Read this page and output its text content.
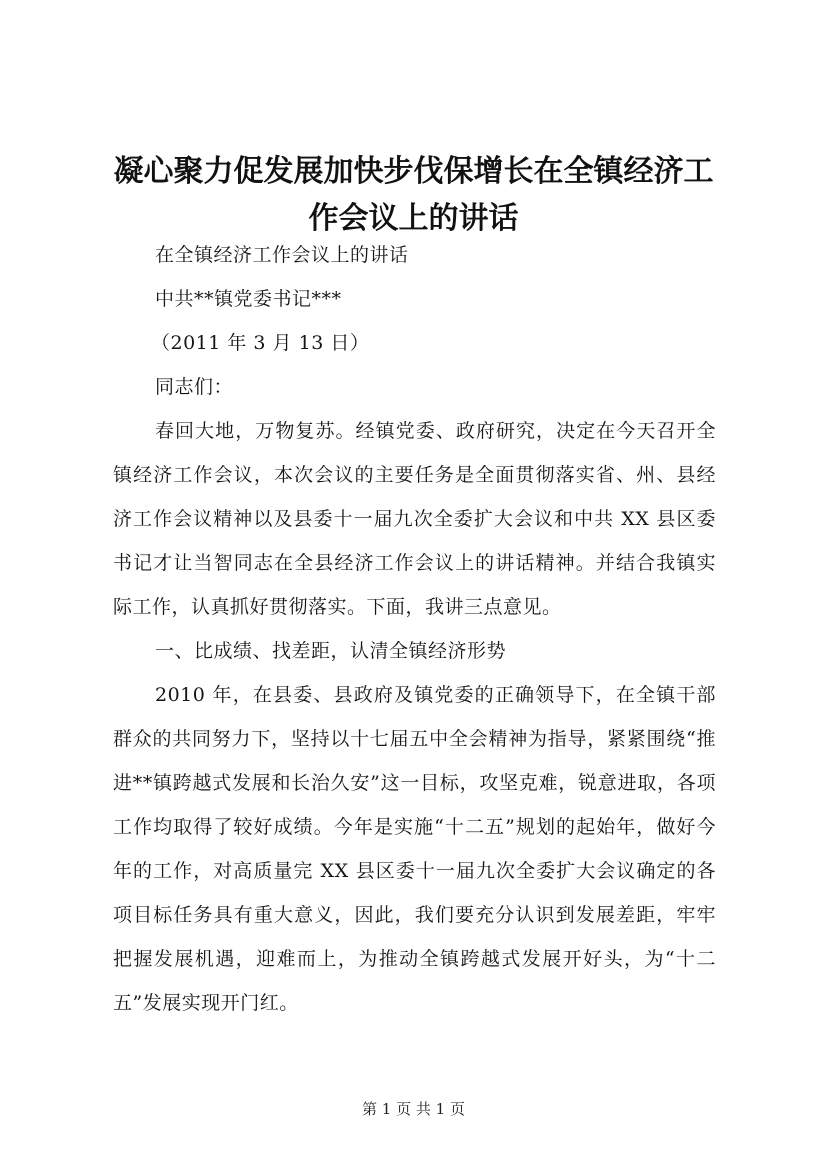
凝心聚力促发展加快步伐保增长在全镇经济工
作会议上的讲话

在全镇经济工作会议上的讲话

中共**镇党委书记***

（2011 年 3 月 13 日）

同志们：

春回大地，万物复苏。经镇党委、政府研究，决定在今天召开全镇经济工作会议，本次会议的主要任务是全面贯彻落实省、州、县经济工作会议精神以及县委十一届九次全委扩大会议和中共 XX 县区委书记才让当智同志在全县经济工作会议上的讲话精神。并结合我镇实际工作，认真抓好贯彻落实。下面，我讲三点意见。

一、比成绩、找差距，认清全镇经济形势

2010 年，在县委、县政府及镇党委的正确领导下，在全镇干部群众的共同努力下，坚持以十七届五中全会精神为指导，紧紧围绕“推进**镇跨越式发展和长治久安”这一目标，攻坚克难，锐意进取，各项工作均取得了较好成绩。今年是实施“十二五”规划的起始年，做好今年的工作，对高质量完 XX 县区委十一届九次全委扩大会议确定的各项目标任务具有重大意义，因此，我们要充分认识到发展差距，牢牢把握发展机遇，迎难而上，为推动全镇跨越式发展开好头，为“十二五”发展实现开门红。

第 1 页 共 1 页
